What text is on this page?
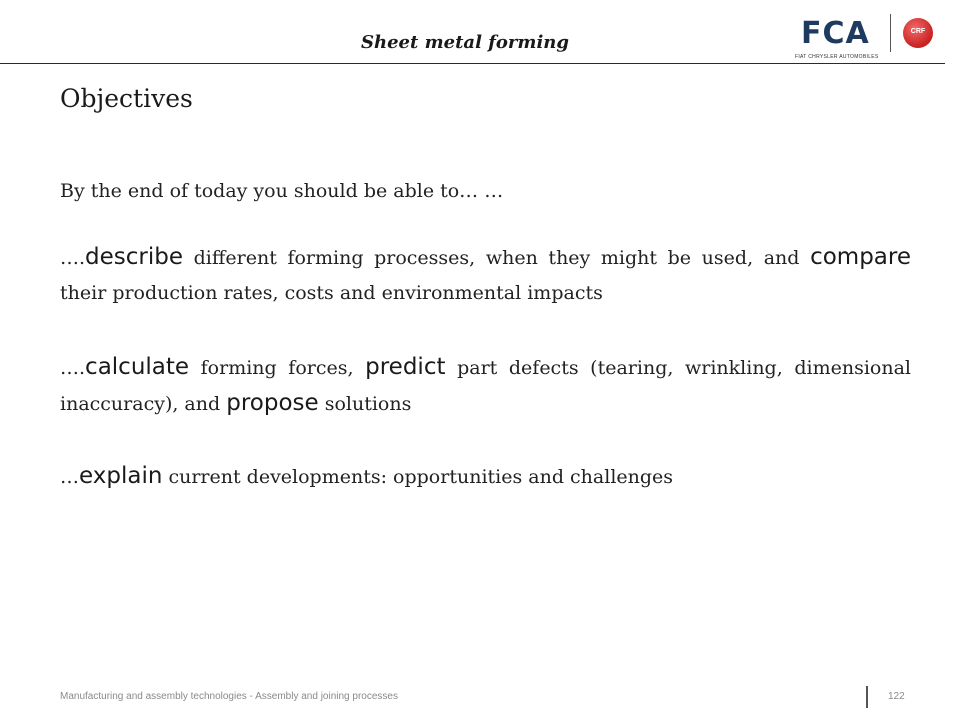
Sheet metal forming	FCA
FIAT CHRYSLER AUTOMOBILES
CRF
Objectives
By the end of today you should be able to… …
….describe different forming processes, when they might be used, and compare their production rates, costs and environmental impacts
….calculate forming forces, predict part defects (tearing, wrinkling, dimensional inaccuracy), and propose solutions
…explain current developments: opportunities and challenges
Manufacturing and assembly technologies - Assembly and joining processes	122
